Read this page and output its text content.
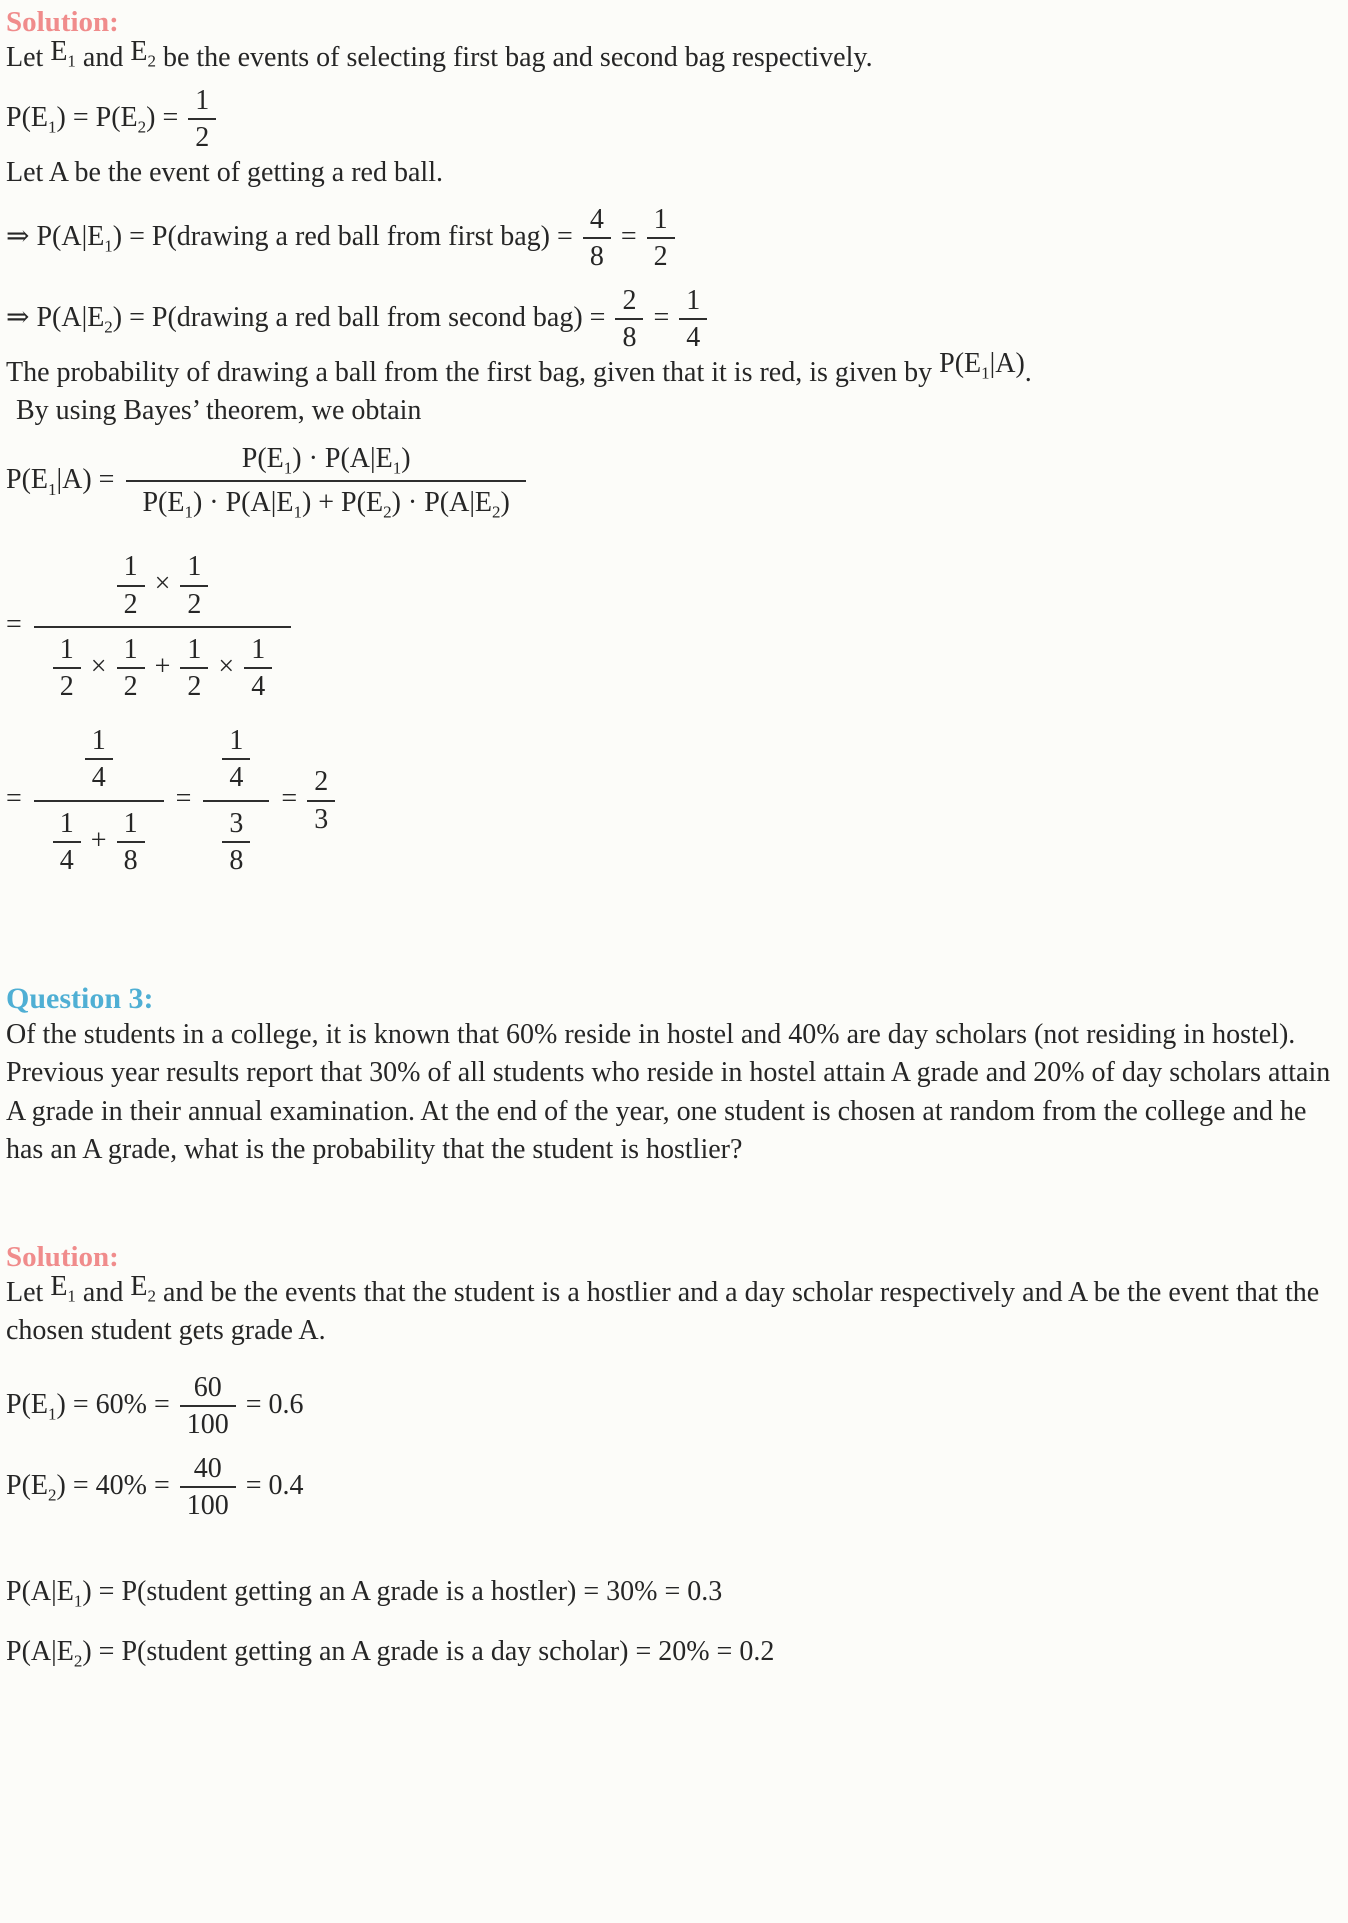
Solution:

Let $E_1$ and $E_2$ be the events of selecting first bag and second bag respectively.

$P(E_1) = P(E_2) = \frac{1}{2}$

Let A be the event of getting a red ball.

⇒ $P(A|E_1)$ = P(drawing a red ball from first $bag) = \frac{4}{8} = \frac{1}{2}$
⇒ $P(A|E_2)$ = P(drawing a red ball from second $bag) = \frac{2}{8} = \frac{1}{4}$

The probability of drawing a ball from the first bag, given that it is red, is given by $P(E_1|A)$.

By using Bayes’ theorem, we obtain

$P(E_1|A) = \frac{P(E_1) \cdot P(A|E_1)}{P(E_1) \cdot P(A|E_1) + P(E_2) \cdot P(A|E_2)}$
= $\frac{\frac{1}{2} \times \frac{1}{2}}{\frac{1}{2} \times \frac{1}{2} + \frac{1}{2} \times \frac{1}{4}}$
= $\frac{\frac{1}{4}}{\frac{1}{4} + \frac{1}{8}} = \frac{\frac{1}{4}}{\frac{3}{8}} = \frac{2}{3}$
Question 3:

Of the students in a college, it is known that 60% reside in hostel and 40% are day scholars (not residing in hostel). Previous year results report that 30% of all students who reside in hostel attain A grade and 20% of day scholars attain A grade in their annual examination. At the end of the year, one student is chosen at random from the college and he has an A grade, what is the probability that the student is hostlier?

Solution:

Let $E_1$ and $E_2$ and be the events that the student is a hostlier and a day scholar respectively and A be the event that the chosen student gets grade A.

$P(E_1) = 60\% = \frac{60}{100} = 0.6$
$P(E_2) = 40\% = \frac{40}{100} = 0.4$
$P(A|E_1)$ = P(student getting an A grade is a hostler) = 30% = 0.3
$P(A|E_2)$ = P(student getting an A grade is a day scholar) = 20% = 0.2
